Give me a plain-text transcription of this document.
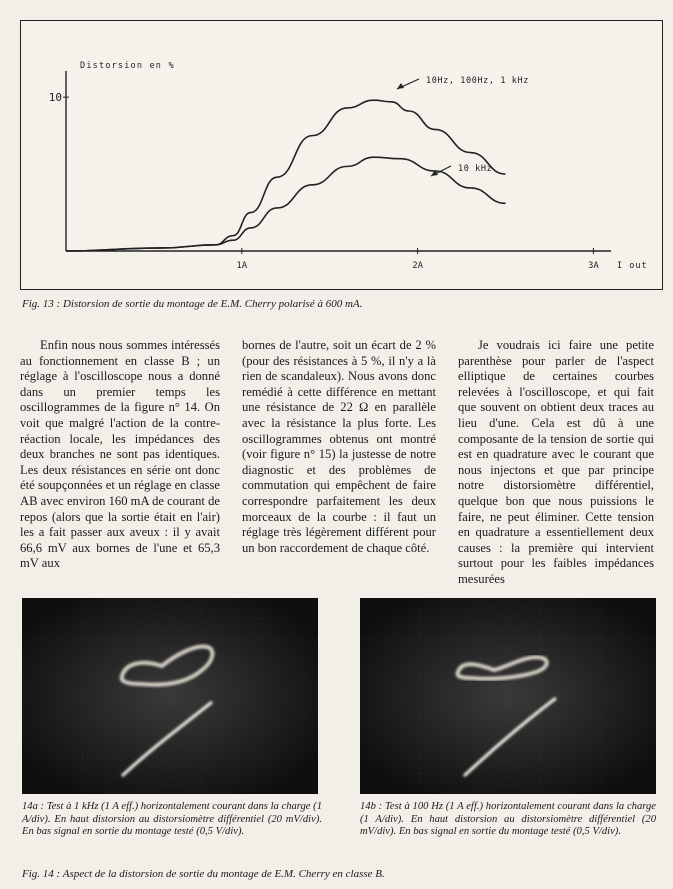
10
1A	2A	3A
Distorsion en %
I out
10Hz, 100Hz, 1 kHz
10 kHz
Fig. 13 : Distorsion de sortie du montage de E.M. Cherry polarisé à 600 mA.

Enfin nous nous sommes intéressés au fonctionnement en classe B ; un réglage à l'oscilloscope nous a donné dans un premier temps les oscillogrammes de la figure n° 14. On voit que malgré l'action de la contre-réaction locale, les impédances des deux branches ne sont pas identiques. Les deux résistances en série ont donc été soupçonnées et un réglage en classe AB avec environ 160 mA de courant de repos (alors que la sortie était en l'air) les a fait passer aux aveux : il y avait 66,6 mV aux bornes de l'une et 65,3 mV aux

bornes de l'autre, soit un écart de 2 % (pour des résistances à 5 %, il n'y a là rien de scandaleux). Nous avons donc remédié à cette différence en mettant une résistance de 22 Ω en parallèle avec la résistance la plus forte. Les oscillogrammes obtenus ont montré (voir figure n° 15) la justesse de notre diagnostic et des problèmes de commutation qui empêchent de faire correspondre parfaitement les deux morceaux de la courbe : il faut un réglage très légèrement différent pour un bon raccordement de chaque côté.

Je voudrais ici faire une petite parenthèse pour parler de l'aspect elliptique de certaines courbes relevées à l'oscilloscope, et qui fait que souvent on obtient deux traces au lieu d'une. Cela est dû à une composante de la tension de sortie qui est en quadrature avec le courant que nous injectons et que par principe notre distorsiomètre différentiel, quelque bon que nous puissions le faire, ne peut éliminer. Cette tension en quadrature a essentiellement deux causes : la première qui intervient surtout pour les faibles impédances mesurées

14a : Test à 1 kHz (1 A eff.) horizontalement courant dans la charge (1 A/div). En haut distorsion au distorsiomètre différentiel (20 mV/div). En bas signal en sortie du montage testé (0,5 V/div).
14b : Test à 100 Hz (1 A eff.) horizontalement courant dans la charge (1 A/div). En haut distorsion au distorsiomètre différentiel (20 mV/div). En bas signal en sortie du montage testé (0,5 V/div).
Fig. 14 : Aspect de la distorsion de sortie du montage de E.M. Cherry en classe B.
